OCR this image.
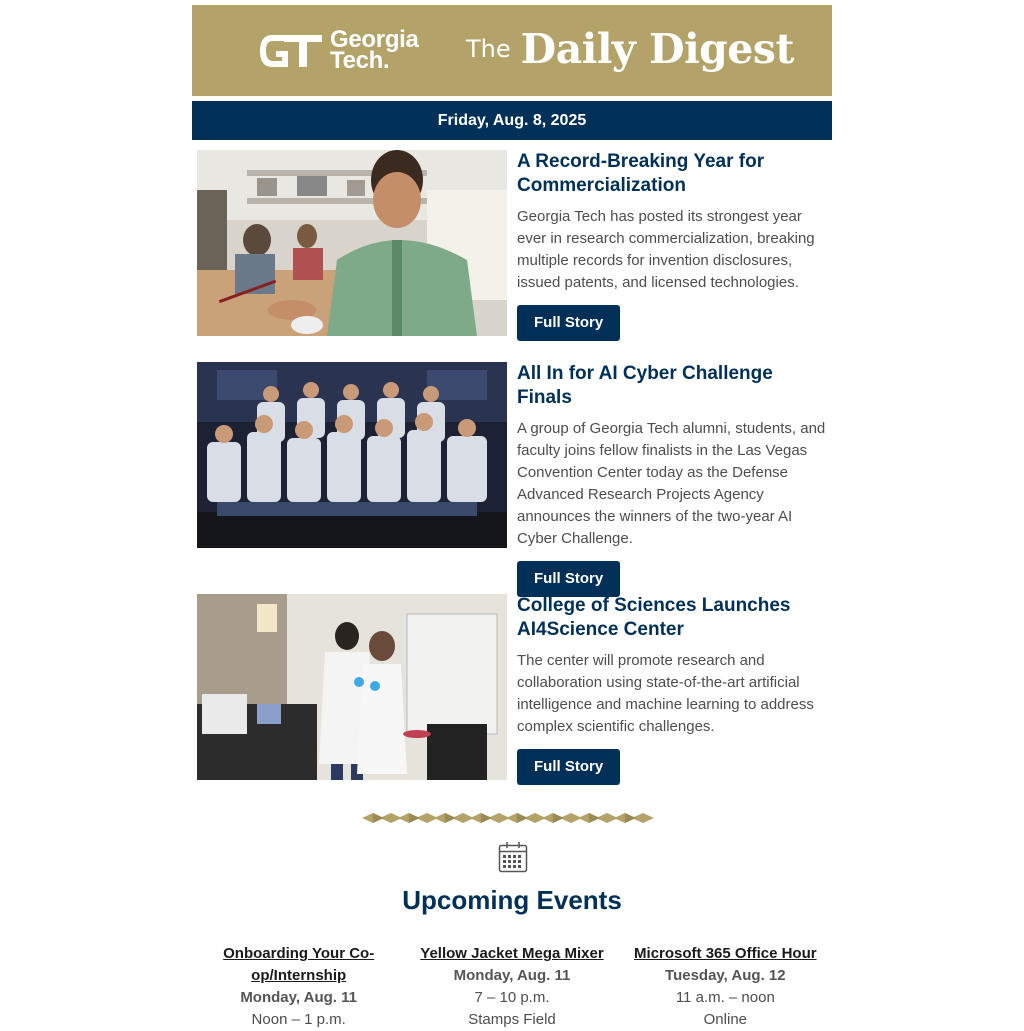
Georgia
Tech.	The Daily Digest
Friday, Aug. 8, 2025
A Record-Breaking Year for Commercialization

Georgia Tech has posted its strongest year ever in research commercialization, breaking multiple records for invention disclosures, issued patents, and licensed technologies.

Full Story
All In for AI Cyber Challenge Finals

A group of Georgia Tech alumni, students, and faculty joins fellow finalists in the Las Vegas Convention Center today as the Defense Advanced Research Projects Agency announces the winners of the two-year AI Cyber Challenge.

Full Story
College of Sciences Launches AI4Science Center

The center will promote research and collaboration using state-of-the-art artificial intelligence and machine learning to address complex scientific challenges.

Full Story
Upcoming Events
Onboarding Your Co-op/Internship
Monday, Aug. 11
Noon – 1 p.m.
Yellow Jacket Mega Mixer
Monday, Aug. 11
7 – 10 p.m.
Stamps Field
Microsoft 365 Office Hour
Tuesday, Aug. 12
11 a.m. – noon
Online
